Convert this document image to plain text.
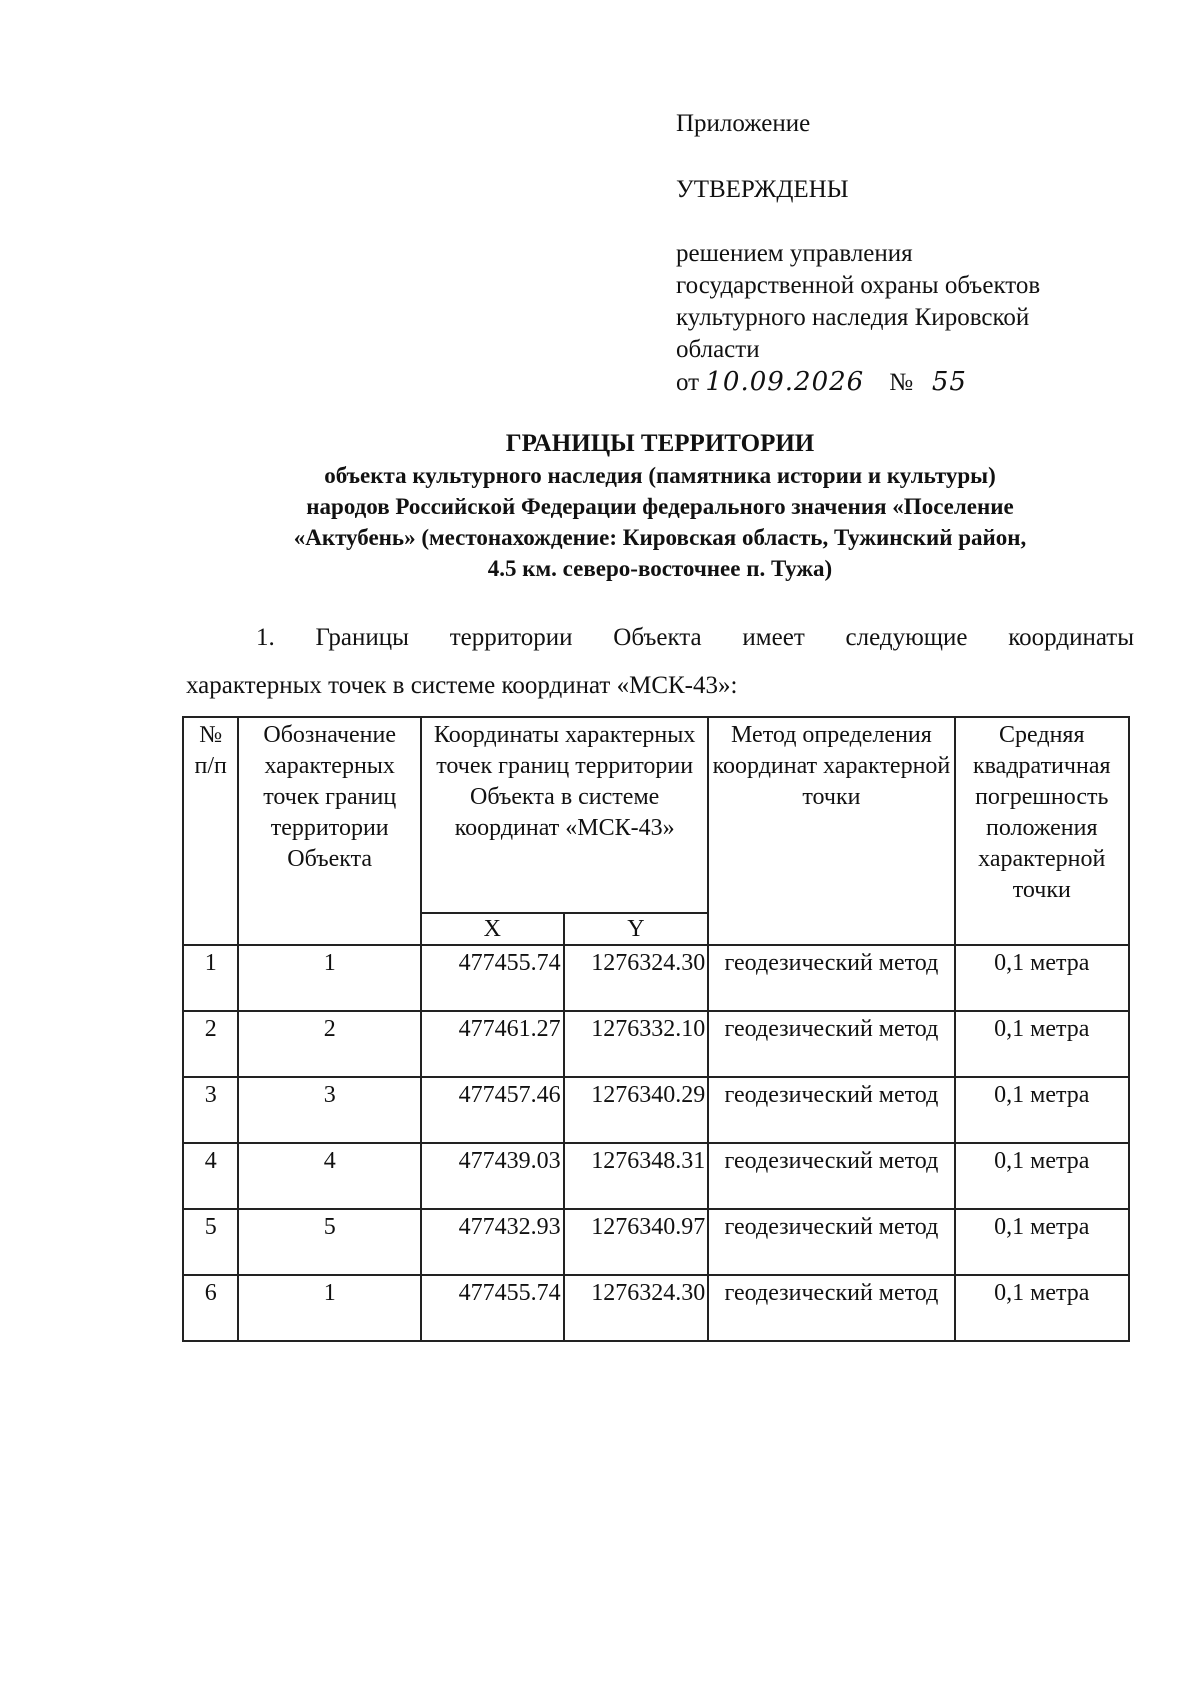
Приложение
УТВЕРЖДЕНЫ
решением управления
государственной охраны объектов
культурного наследия Кировской
области
от 10.09.2026 № 55
ГРАНИЦЫ ТЕРРИТОРИИ
объекта культурного наследия (памятника истории и культуры)
народов Российской Федерации федерального значения «Поселение
«Актубень» (местонахождение: Кировская область, Тужинский район,
4.5 км. северо-восточнее п. Тужа)
1. Границы территории Объекта имеет следующие координаты
характерных точек в системе координат «МСК-43»:
№ п/п	Обозначение характерных точек границ территории Объекта	Координаты характерных точек границ территории Объекта в системе координат «МСК-43»		Метод определения координат характерной точки	Средняя квадратичная погрешность положения характерной точки
		X	Y		
1	1	477455.74	1276324.30	геодезический метод	0,1 метра
2	2	477461.27	1276332.10	геодезический метод	0,1 метра
3	3	477457.46	1276340.29	геодезический метод	0,1 метра
4	4	477439.03	1276348.31	геодезический метод	0,1 метра
5	5	477432.93	1276340.97	геодезический метод	0,1 метра
6	1	477455.74	1276324.30	геодезический метод	0,1 метра
